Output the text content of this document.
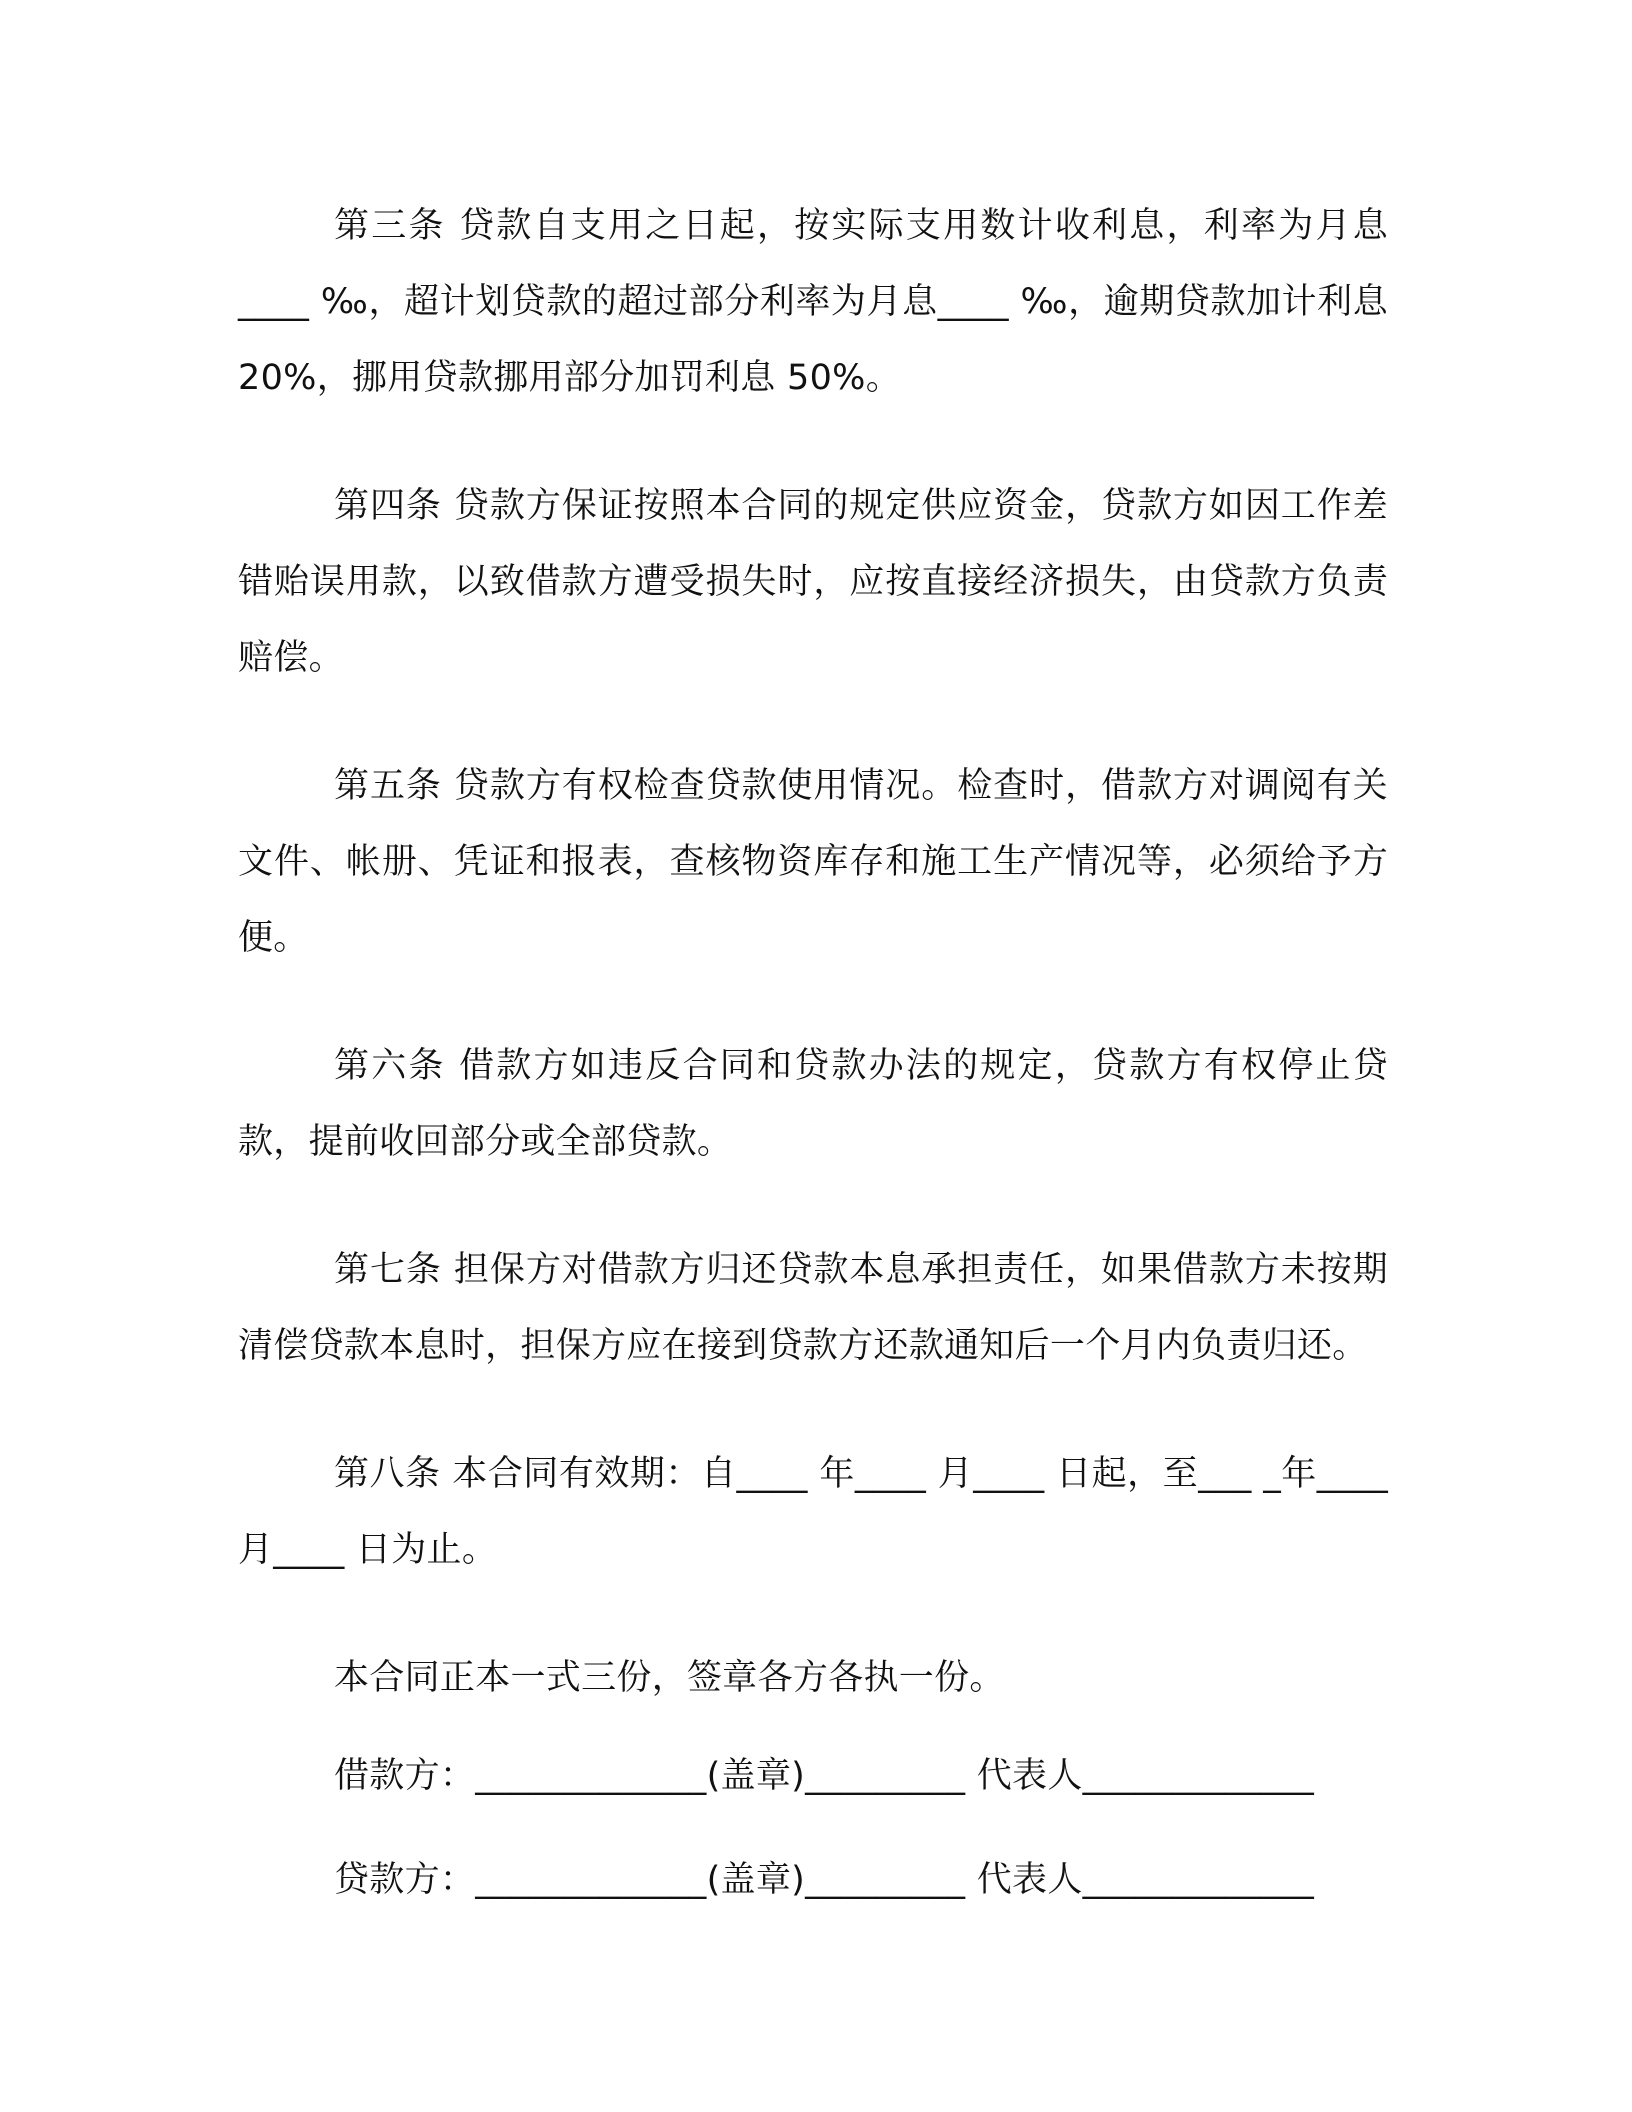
第三条 贷款自支用之日起，按实际支用数计收利息，利率为月息____ ‰，超计划贷款的超过部分利率为月息____ ‰，逾期贷款加计利息 20%，挪用贷款挪用部分加罚利息 50%。

第四条 贷款方保证按照本合同的规定供应资金，贷款方如因工作差错贻误用款，以致借款方遭受损失时，应按直接经济损失，由贷款方负责赔偿。

第五条 贷款方有权检查贷款使用情况。检查时，借款方对调阅有关文件、帐册、凭证和报表，查核物资库存和施工生产情况等，必须给予方便。

第六条 借款方如违反合同和贷款办法的规定，贷款方有权停止贷款，提前收回部分或全部贷款。

第七条 担保方对借款方归还贷款本息承担责任，如果借款方未按期清偿贷款本息时，担保方应在接到贷款方还款通知后一个月内负责归还。

第八条 本合同有效期：自____ 年____ 月____ 日起，至___ _年____ 月____ 日为止。

本合同正本一式三份，签章各方各执一份。

借款方：_____________(盖章)_________ 代表人_____________

贷款方：_____________(盖章)_________ 代表人_____________
